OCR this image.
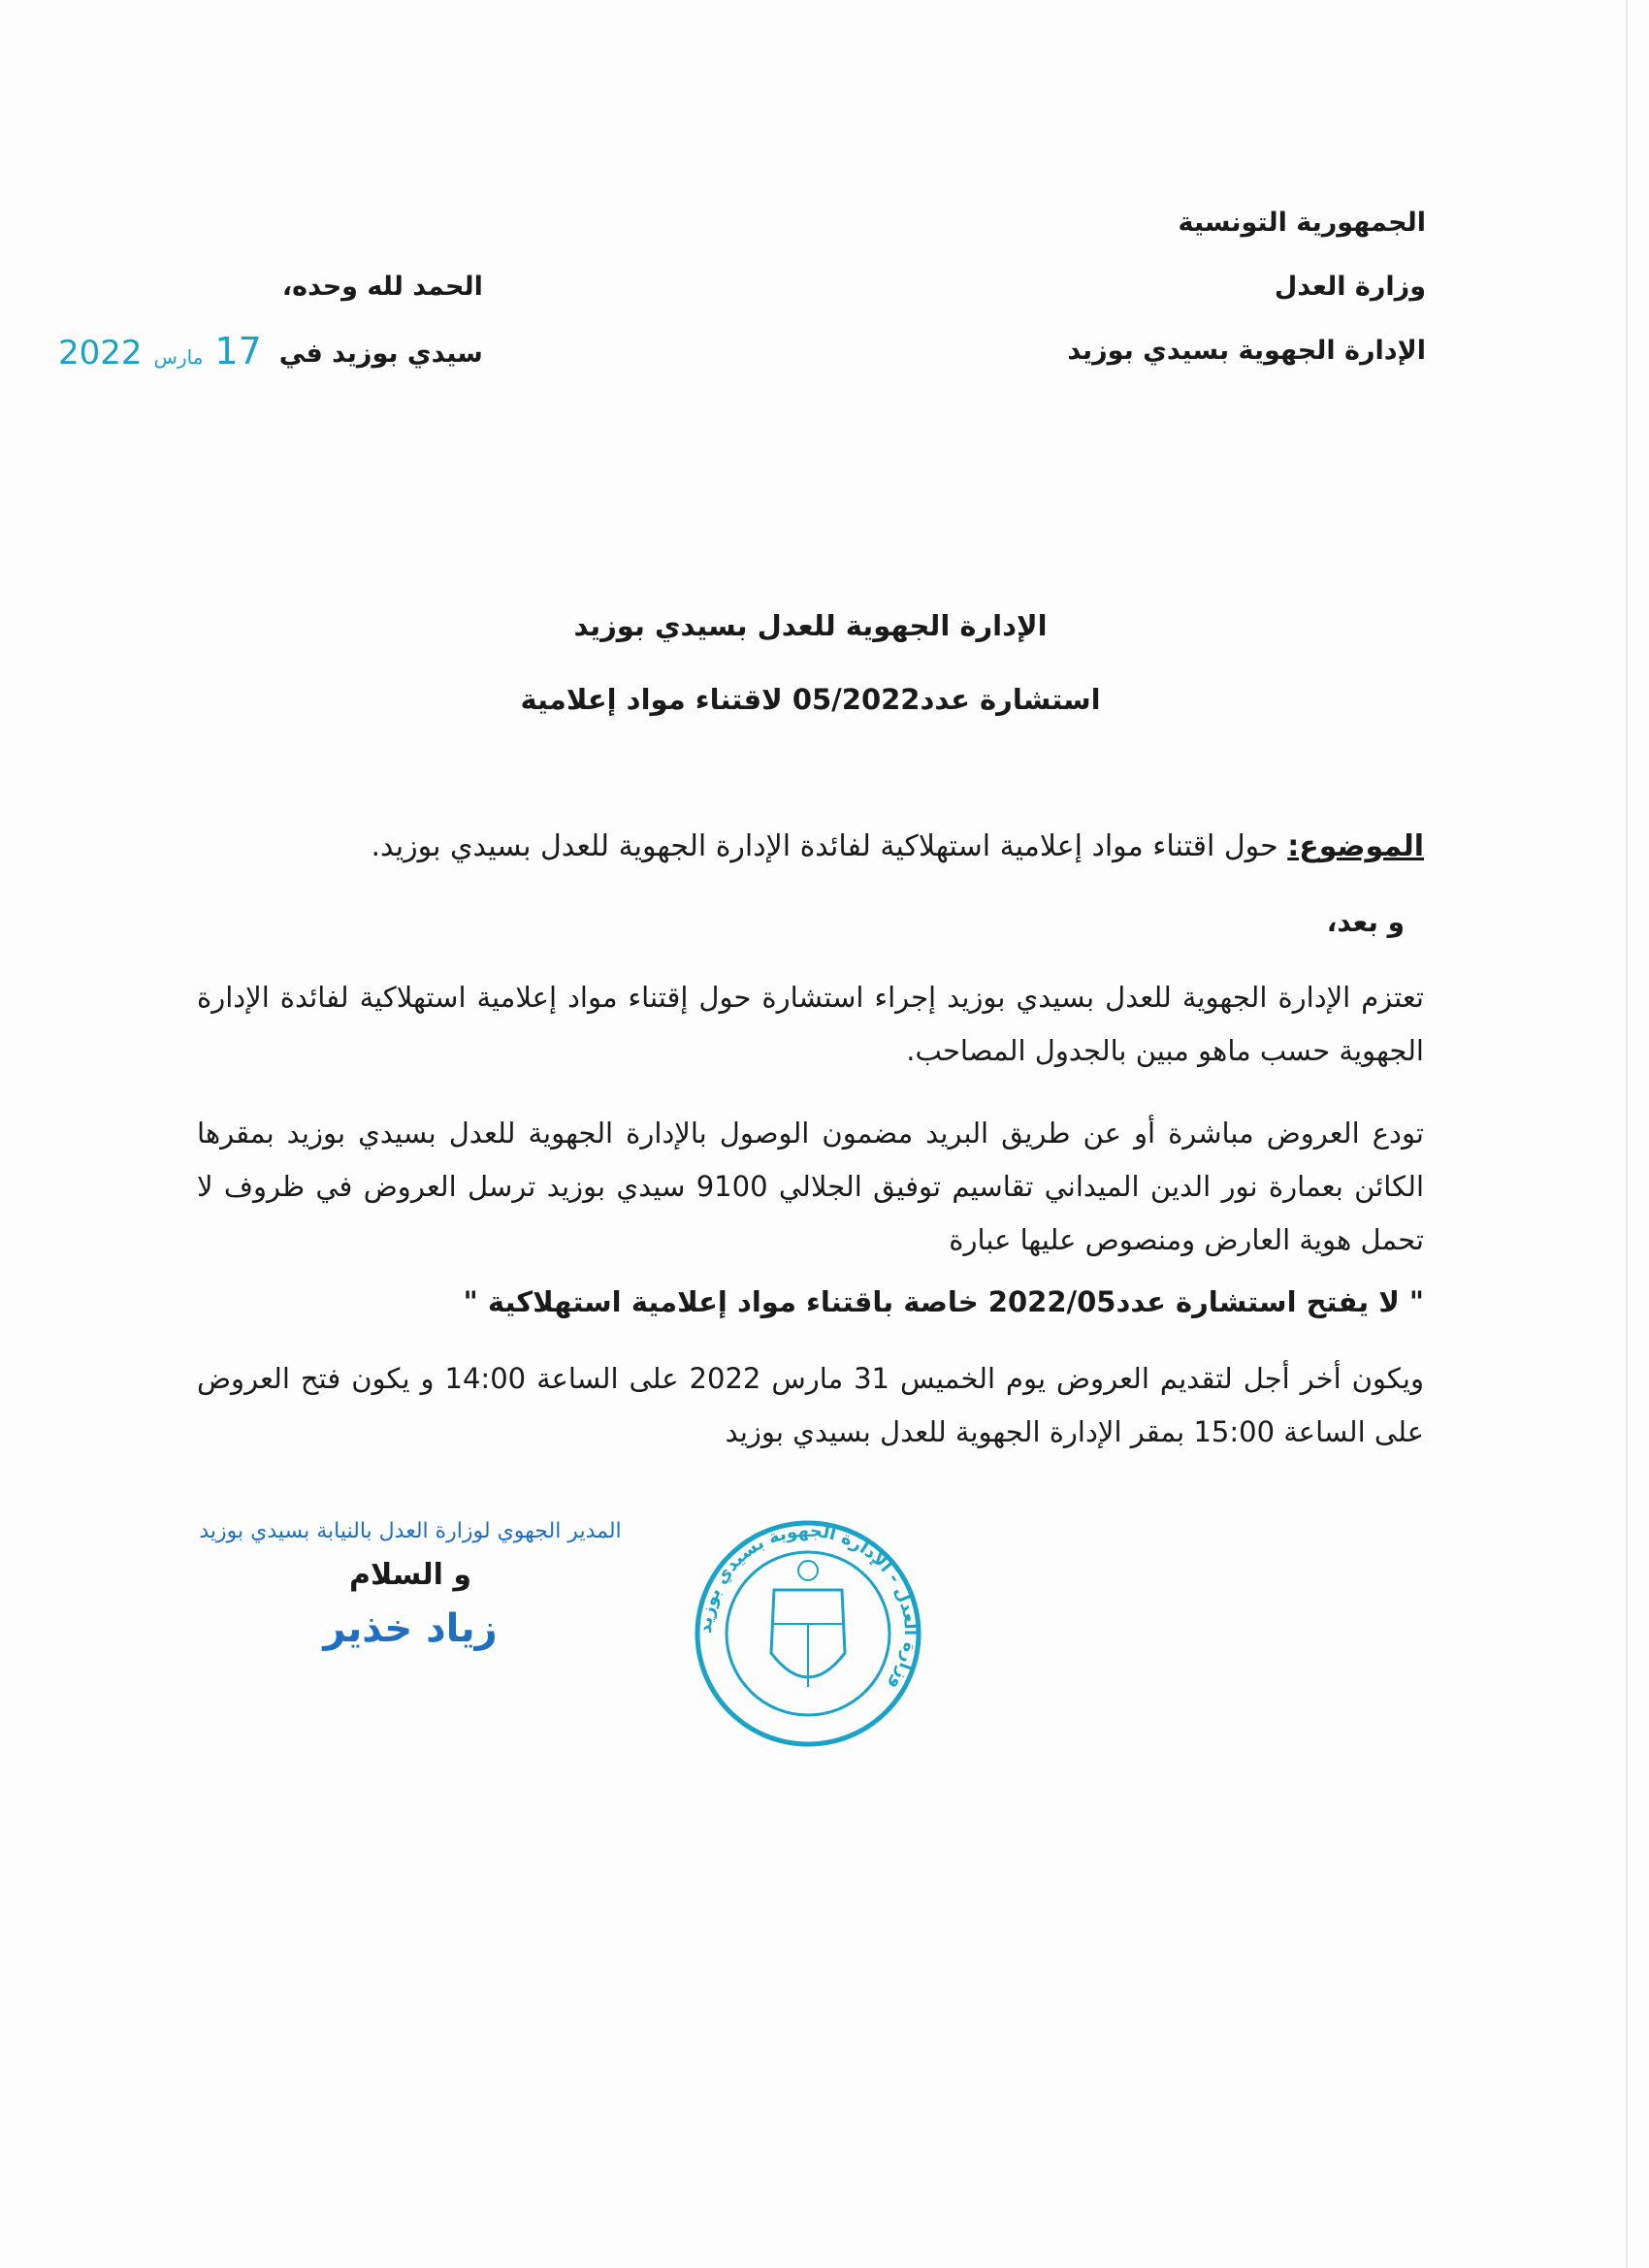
الجمهورية التونسية
وزارة العدل
الإدارة الجهوية بسيدي بوزيد
الحمد لله وحده،
سيدي بوزيد في
2022 مارس 17
الإدارة الجهوية للعدل بسيدي بوزيد
استشارة عدد05/2022 لاقتناء مواد إعلامية
الموضوع: حول اقتناء مواد إعلامية استهلاكية لفائدة الإدارة الجهوية للعدل بسيدي بوزيد.
و بعد،
تعتزم الإدارة الجهوية للعدل بسيدي بوزيد إجراء استشارة حول إقتناء مواد إعلامية استهلاكية لفائدة الإدارة الجهوية حسب ماهو مبين بالجدول المصاحب.
تودع العروض مباشرة أو عن طريق البريد مضمون الوصول بالإدارة الجهوية للعدل بسيدي بوزيد بمقرها الكائن بعمارة نور الدين الميداني تقاسيم توفيق الجلالي 9100 سيدي بوزيد ترسل العروض في ظروف لا تحمل هوية العارض ومنصوص عليها عبارة
" لا يفتح استشارة عدد2022/05 خاصة باقتناء مواد إعلامية استهلاكية "
ويكون أخر أجل لتقديم العروض يوم الخميس 31 مارس 2022 على الساعة 14:00 و يكون فتح العروض على الساعة 15:00 بمقر الإدارة الجهوية للعدل بسيدي بوزيد
المدير الجهوي لوزارة العدل بالنيابة بسيدي بوزيد
و السلام
زياد خذير	وزارة العدل - الإدارة الجهوية بسيدي بوزيد
